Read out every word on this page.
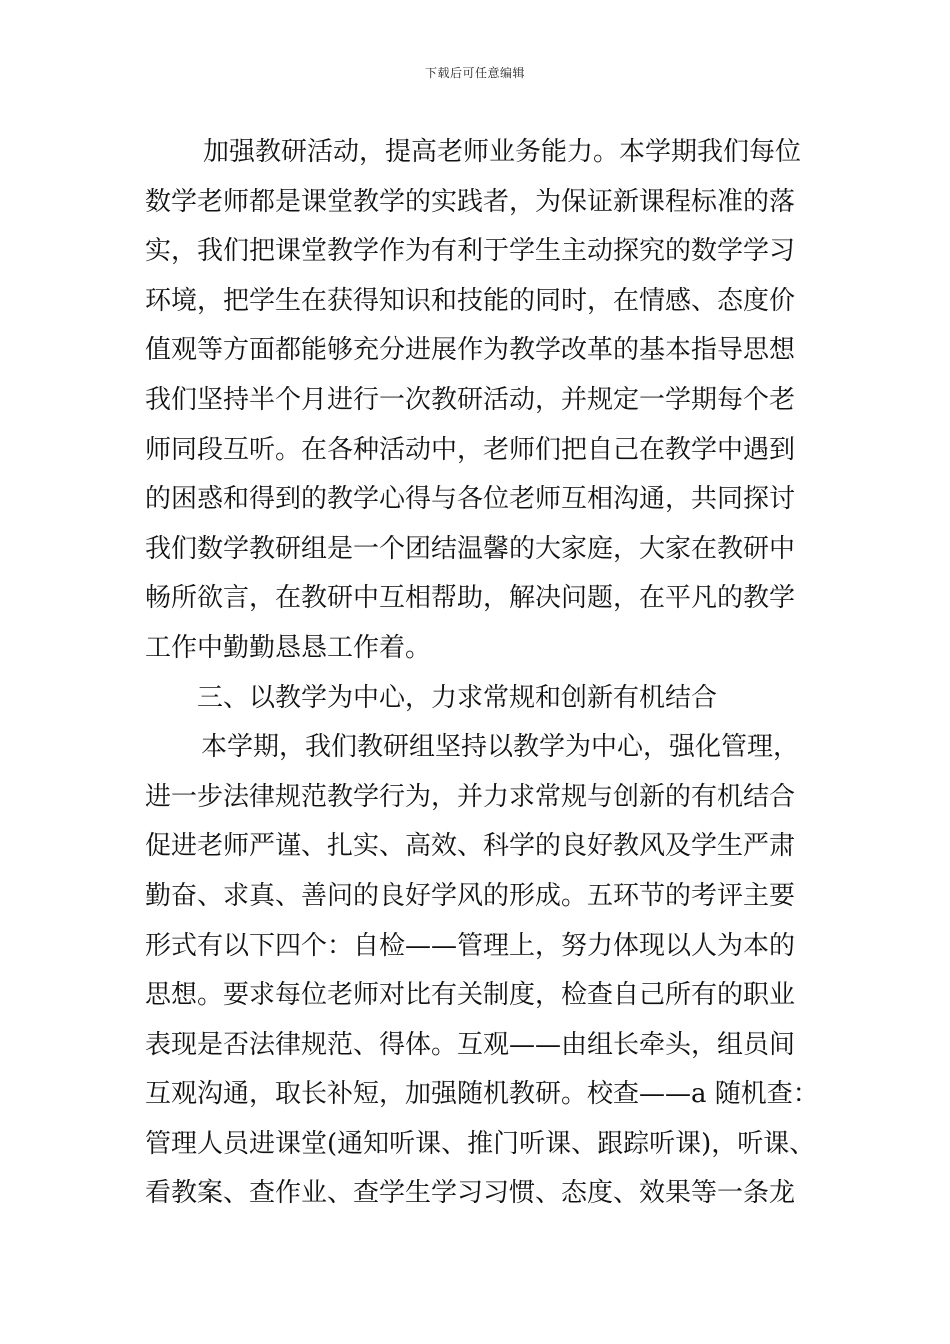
下载后可任意编辑
加强教研活动，提高老师业务能力。本学期我们每位
数学老师都是课堂教学的实践者，为保证新课程标准的落
实，我们把课堂教学作为有利于学生主动探究的数学学习
环境，把学生在获得知识和技能的同时，在情感、态度价
值观等方面都能够充分进展作为教学改革的基本指导思想
我们坚持半个月进行一次教研活动，并规定一学期每个老
师同段互听。在各种活动中，老师们把自己在教学中遇到
的困惑和得到的教学心得与各位老师互相沟通，共同探讨
我们数学教研组是一个团结温馨的大家庭，大家在教研中
畅所欲言，在教研中互相帮助，解决问题，在平凡的教学
工作中勤勤恳恳工作着。
三、以教学为中心，力求常规和创新有机结合
本学期，我们教研组坚持以教学为中心，强化管理，
进一步法律规范教学行为，并力求常规与创新的有机结合
促进老师严谨、扎实、高效、科学的良好教风及学生严肃
勤奋、求真、善问的良好学风的形成。五环节的考评主要
形式有以下四个：自检——管理上，努力体现以人为本的
思想。要求每位老师对比有关制度，检查自己所有的职业
表现是否法律规范、得体。互观——由组长牵头，组员间
互观沟通，取长补短，加强随机教研。校查——a 随机查：
管理人员进课堂(通知听课、推门听课、跟踪听课)，听课、
看教案、查作业、查学生学习习惯、态度、效果等一条龙
